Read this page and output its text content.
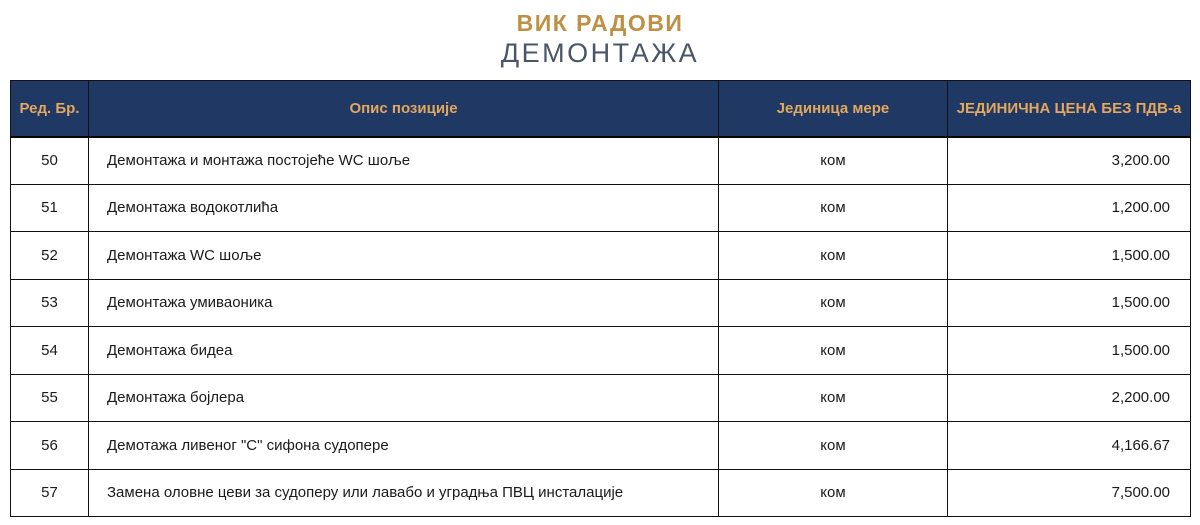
ВИК РАДОВИ
ДЕМОНТАЖА
Ред. Бр.	Опис позиције	Јединица мере	ЈЕДИНИЧНА ЦЕНА БЕЗ ПДВ-а
50	Демонтажа и монтажа постојеће WC шоље	ком	3,200.00
51	Демонтажа водокотлића	ком	1,200.00
52	Демонтажа WC шоље	ком	1,500.00
53	Демонтажа умиваоника	ком	1,500.00
54	Демонтажа бидеа	ком	1,500.00
55	Демонтажа бојлера	ком	2,200.00
56	Демотажа ливеног "С" сифона судопере	ком	4,166.67
57	Замена оловне цеви за судоперу или лавабо и уградња ПВЦ инсталације	ком	7,500.00
